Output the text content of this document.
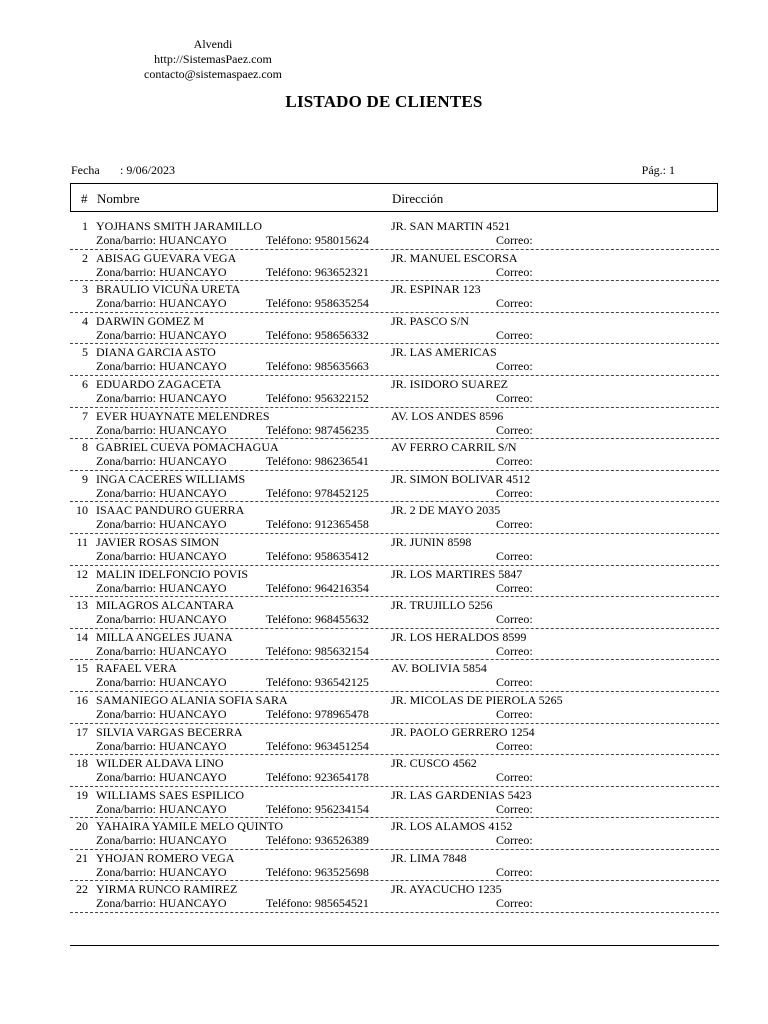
Alvendi
http://SistemasPaez.com
contacto@sistemaspaez.com
LISTADO DE CLIENTES
Fecha : 9/06/2023	Pág.: 1
# Nombre	Dirección
1 YOJHANS SMITH JARAMILLO	JR. SAN MARTIN 4521
Zona/barrio: HUANCAYO	Teléfono: 958015624	Correo:
2 ABISAG GUEVARA VEGA	JR. MANUEL ESCORSA
Zona/barrio: HUANCAYO	Teléfono: 963652321	Correo:
3 BRAULIO VICUÑA URETA	JR. ESPINAR 123
Zona/barrio: HUANCAYO	Teléfono: 958635254	Correo:
4 DARWIN GOMEZ M	JR. PASCO S/N
Zona/barrio: HUANCAYO	Teléfono: 958656332	Correo:
5 DIANA GARCIA ASTO	JR. LAS AMERICAS
Zona/barrio: HUANCAYO	Teléfono: 985635663	Correo:
6 EDUARDO ZAGACETA	JR. ISIDORO SUAREZ
Zona/barrio: HUANCAYO	Teléfono: 956322152	Correo:
7 EVER HUAYNATE MELENDRES	AV. LOS ANDES 8596
Zona/barrio: HUANCAYO	Teléfono: 987456235	Correo:
8 GABRIEL CUEVA POMACHAGUA	AV FERRO CARRIL S/N
Zona/barrio: HUANCAYO	Teléfono: 986236541	Correo:
9 INGA CACERES WILLIAMS	JR. SIMON BOLIVAR 4512
Zona/barrio: HUANCAYO	Teléfono: 978452125	Correo:
10 ISAAC PANDURO GUERRA	JR. 2 DE MAYO 2035
Zona/barrio: HUANCAYO	Teléfono: 912365458	Correo:
11 JAVIER ROSAS SIMON	JR. JUNIN 8598
Zona/barrio: HUANCAYO	Teléfono: 958635412	Correo:
12 MALIN IDELFONCIO POVIS	JR. LOS MARTIRES 5847
Zona/barrio: HUANCAYO	Teléfono: 964216354	Correo:
13 MILAGROS ALCANTARA	JR. TRUJILLO 5256
Zona/barrio: HUANCAYO	Teléfono: 968455632	Correo:
14 MILLA ANGELES JUANA	JR. LOS HERALDOS 8599
Zona/barrio: HUANCAYO	Teléfono: 985632154	Correo:
15 RAFAEL VERA	AV. BOLIVIA 5854
Zona/barrio: HUANCAYO	Teléfono: 936542125	Correo:
16 SAMANIEGO ALANIA SOFIA SARA	JR. MICOLAS DE PIEROLA 5265
Zona/barrio: HUANCAYO	Teléfono: 978965478	Correo:
17 SILVIA VARGAS BECERRA	JR. PAOLO GERRERO 1254
Zona/barrio: HUANCAYO	Teléfono: 963451254	Correo:
18 WILDER ALDAVA LINO	JR. CUSCO 4562
Zona/barrio: HUANCAYO	Teléfono: 923654178	Correo:
19 WILLIAMS SAES ESPILICO	JR. LAS GARDENIAS 5423
Zona/barrio: HUANCAYO	Teléfono: 956234154	Correo:
20 YAHAIRA YAMILE MELO QUINTO	JR. LOS ALAMOS 4152
Zona/barrio: HUANCAYO	Teléfono: 936526389	Correo:
21 YHOJAN ROMERO VEGA	JR. LIMA 7848
Zona/barrio: HUANCAYO	Teléfono: 963525698	Correo:
22 YIRMA RUNCO RAMIREZ	JR. AYACUCHO 1235
Zona/barrio: HUANCAYO	Teléfono: 985654521	Correo:
